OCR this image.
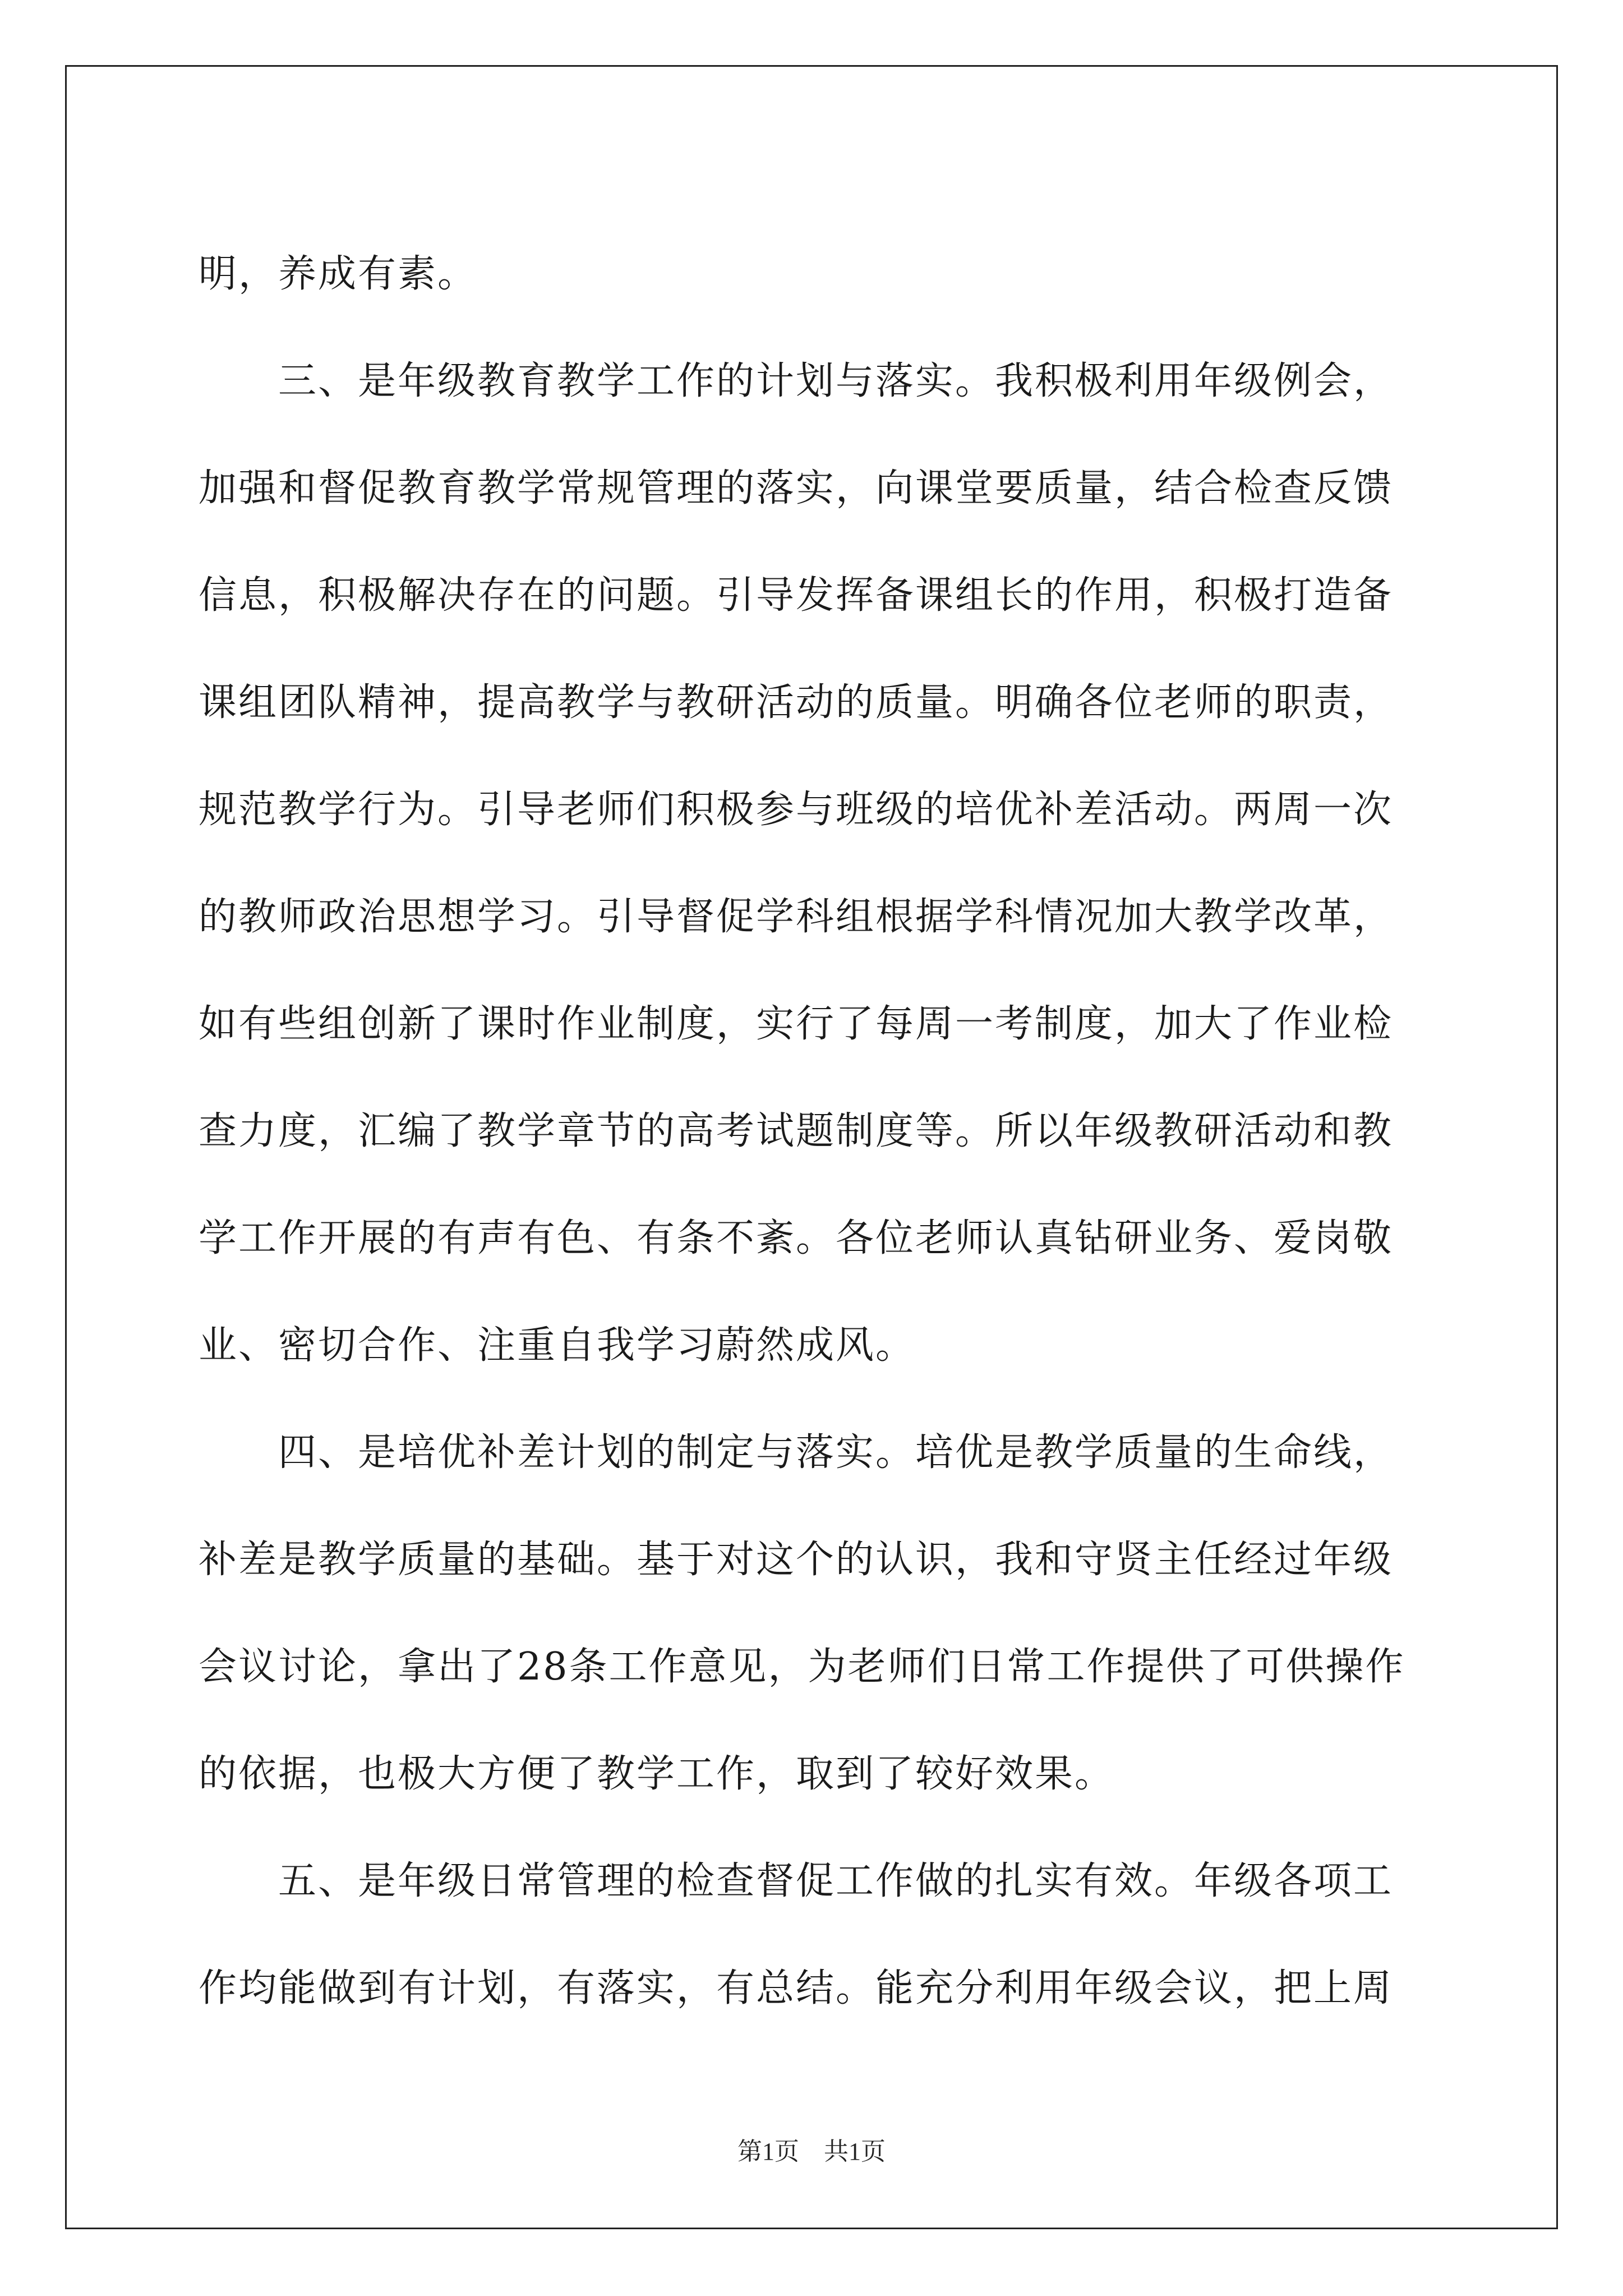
明，养成有素。
　　三、是年级教育教学工作的计划与落实。我积极利用年级例会，
加强和督促教育教学常规管理的落实，向课堂要质量，结合检查反馈
信息，积极解决存在的问题。引导发挥备课组长的作用，积极打造备
课组团队精神，提高教学与教研活动的质量。明确各位老师的职责，
规范教学行为。引导老师们积极参与班级的培优补差活动。两周一次
的教师政治思想学习。引导督促学科组根据学科情况加大教学改革，
如有些组创新了课时作业制度，实行了每周一考制度，加大了作业检
查力度，汇编了教学章节的高考试题制度等。所以年级教研活动和教
学工作开展的有声有色、有条不紊。各位老师认真钻研业务、爱岗敬
业、密切合作、注重自我学习蔚然成风。
　　四、是培优补差计划的制定与落实。培优是教学质量的生命线，
补差是教学质量的基础。基于对这个的认识，我和守贤主任经过年级
会议讨论，拿出了28条工作意见，为老师们日常工作提供了可供操作
的依据，也极大方便了教学工作，取到了较好效果。
　　五、是年级日常管理的检查督促工作做的扎实有效。年级各项工
作均能做到有计划，有落实，有总结。能充分利用年级会议，把上周
第1页 共1页
